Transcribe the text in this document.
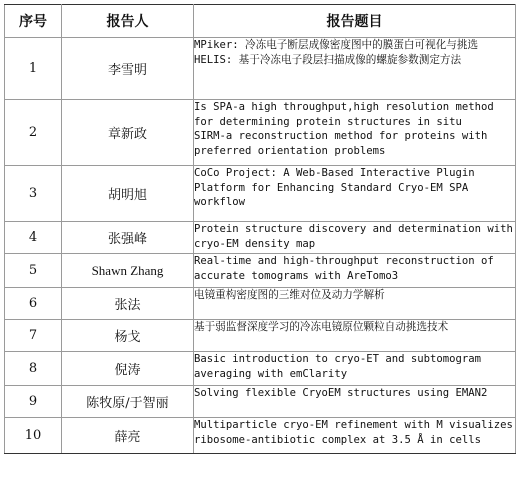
序号	报告人	报告题目
1	李雪明	MPiker: 冷冻电子断层成像密度图中的膜蛋白可视化与挑选
HELIS: 基于冷冻电子段层扫描成像的螺旋参数测定方法

2	章新政	Is SPA-a high throughput,high resolution method for determining protein structures in situ
SIRM-a reconstruction method for proteins with preferred orientation problems

3	胡明旭	CoCo Project: A Web-Based Interactive Plugin Platform for Enhancing Standard Cryo-EM SPA workflow

4	张强峰	Protein structure discovery and determination with cryo-EM density map

5	Shawn Zhang	Real-time and high-throughput reconstruction of accurate tomograms with AreTomo3

6	张法	电镜重构密度图的三维对位及动力学解析

7	杨戈	基于弱监督深度学习的冷冻电镜原位颗粒自动挑选技术

8	倪涛	Basic introduction to cryo-ET and subtomogram averaging with emClarity

9	陈牧原/于智丽	Solving flexible CryoEM structures using EMAN2

10	薛亮	Multiparticle cryo-EM refinement with M visualizes ribosome-antibiotic complex at 3.5 Å in cells
